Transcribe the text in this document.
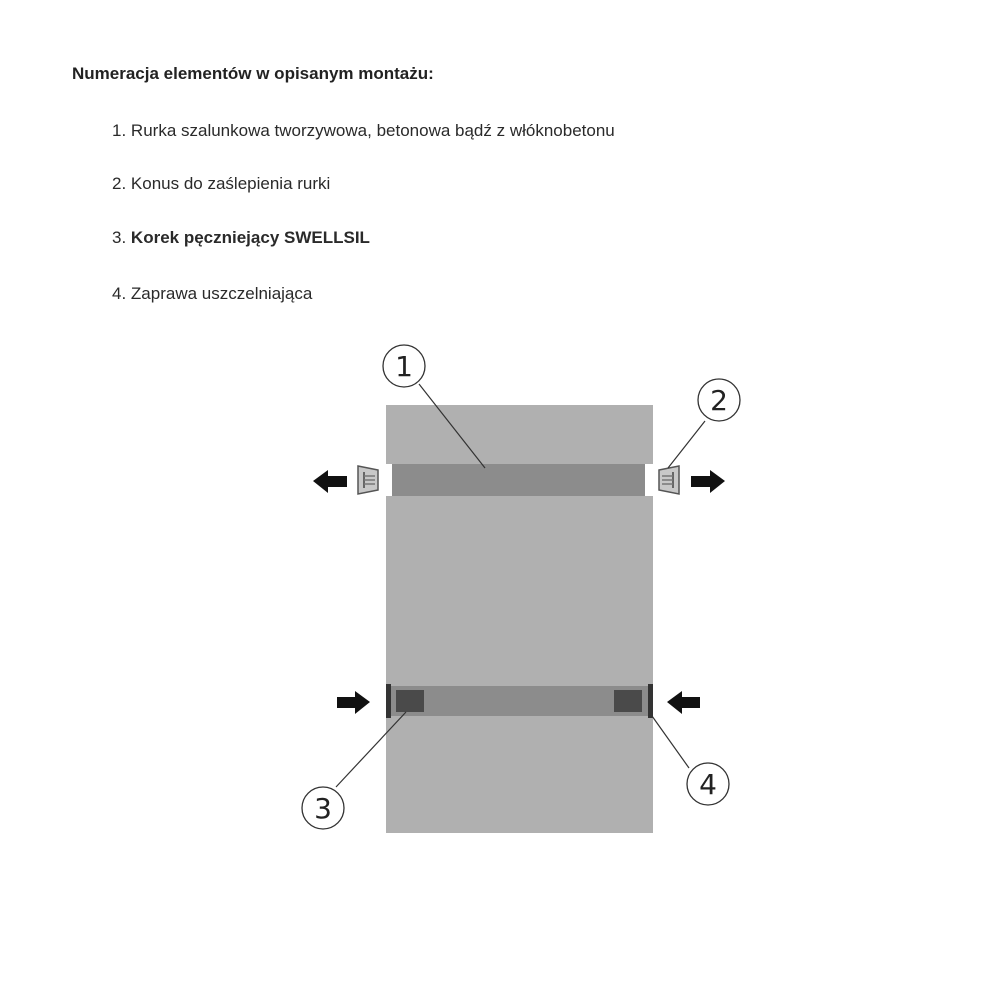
Numeracja elementów w opisanym montażu:
1. Rurka szalunkowa tworzywowa, betonowa bądź z włóknobetonu
2. Konus do zaślepienia rurki
3. Korek pęczniejący SWELLSIL
4. Zaprawa uszczelniająca
1
2
3
4
